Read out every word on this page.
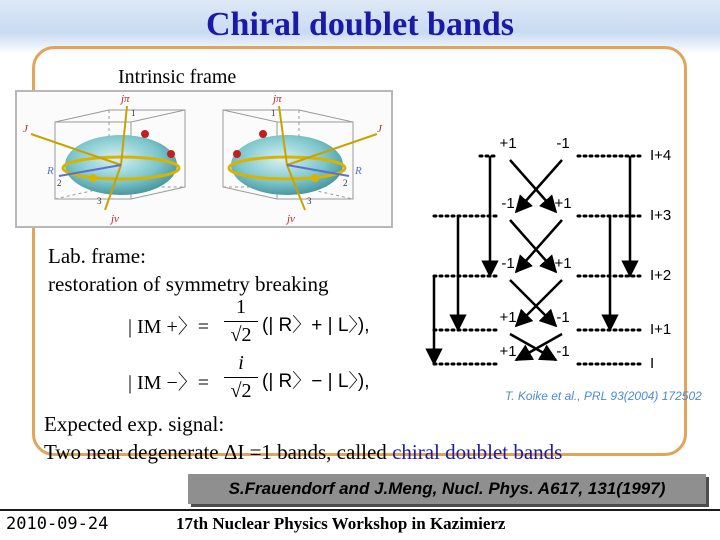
Chiral doublet bands
Intrinsic frame
jπ
J
R
jν
1
2
3
jπ
J
R
jν
1
2
3
Lab. frame:
restoration of symmetry breaking
| IM +〉=
1
√2 (| R〉+ | L〉),
| IM −〉=
i
√2 (| R〉− | L〉),
+1	-1
I+4
-1	+1
I+3
-1	+1
I+2
+1	-1
I+1
+1	-1
I
T. Koike et al., PRL 93(2004) 172502
Expected exp. signal:
Two near degenerate ΔI =1 bands, called chiral doublet bands
S.Frauendorf and J.Meng, Nucl. Phys. A617, 131(1997)
2010-09-24	17th Nuclear Physics Workshop in Kazimierz
